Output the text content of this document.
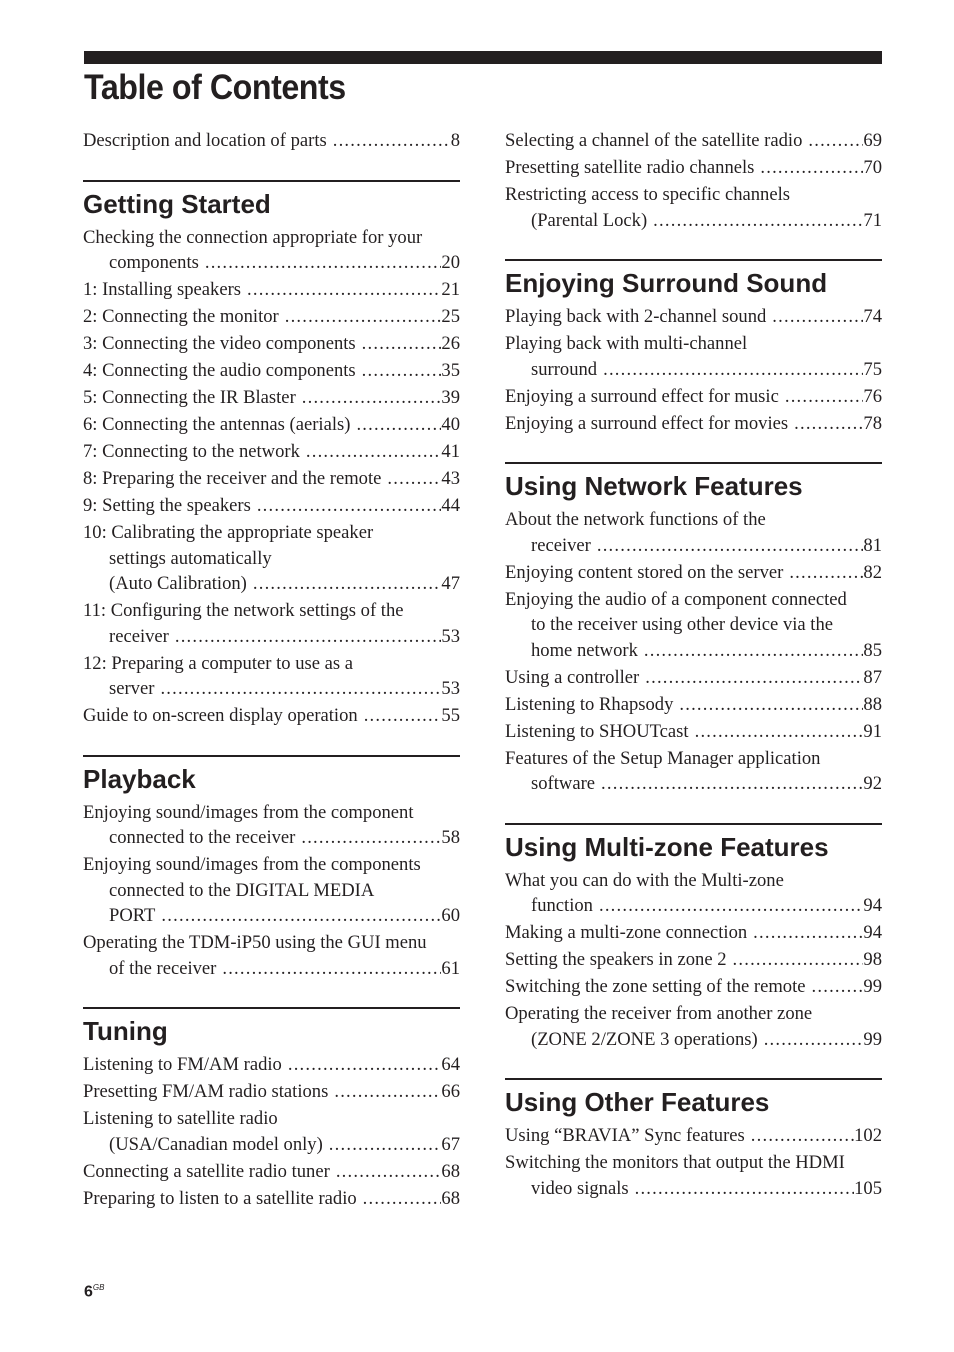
Table of Contents
Description and location of parts .....	8
Getting Started
Checking the connection appropriate for your
components .....	20
1: Installing speakers .....	21
2: Connecting the monitor .....	25
3: Connecting the video components .....	26
4: Connecting the audio components .....	35
5: Connecting the IR Blaster .....	39
6: Connecting the antennas (aerials) .....	40
7: Connecting to the network .....	41
8: Preparing the receiver and the remote .....	43
9: Setting the speakers .....	44
10: Calibrating the appropriate speaker
settings automatically
(Auto Calibration) .....	47
11: Configuring the network settings of the
receiver .....	53
12: Preparing a computer to use as a
server .....	53
Guide to on-screen display operation .....	55
Playback
Enjoying sound/images from the component
connected to the receiver .....	58
Enjoying sound/images from the components
connected to the DIGITAL MEDIA
PORT .....	60
Operating the TDM-iP50 using the GUI menu
of the receiver .....	61
Tuning
Listening to FM/AM radio .....	64
Presetting FM/AM radio stations .....	66
Listening to satellite radio
(USA/Canadian model only) .....	67
Connecting a satellite radio tuner .....	68
Preparing to listen to a satellite radio .....	68
Selecting a channel of the satellite radio .....	69
Presetting satellite radio channels .....	70
Restricting access to specific channels
(Parental Lock) .....	71
Enjoying Surround Sound
Playing back with 2-channel sound .....	74
Playing back with multi-channel
surround .....	75
Enjoying a surround effect for music .....	76
Enjoying a surround effect for movies .....	78
Using Network Features
About the network functions of the
receiver .....	81
Enjoying content stored on the server .....	82
Enjoying the audio of a component connected
to the receiver using other device via the
home network .....	85
Using a controller .....	87
Listening to Rhapsody .....	88
Listening to SHOUTcast .....	91
Features of the Setup Manager application
software .....	92
Using Multi-zone Features
What you can do with the Multi-zone
function .....	94
Making a multi-zone connection .....	94
Setting the speakers in zone 2 .....	98
Switching the zone setting of the remote .....	99
Operating the receiver from another zone
(ZONE 2/ZONE 3 operations) .....	99
Using Other Features
Using “BRAVIA” Sync features .....	102
Switching the monitors that output the HDMI
video signals .....	105
$6^{GB}$
